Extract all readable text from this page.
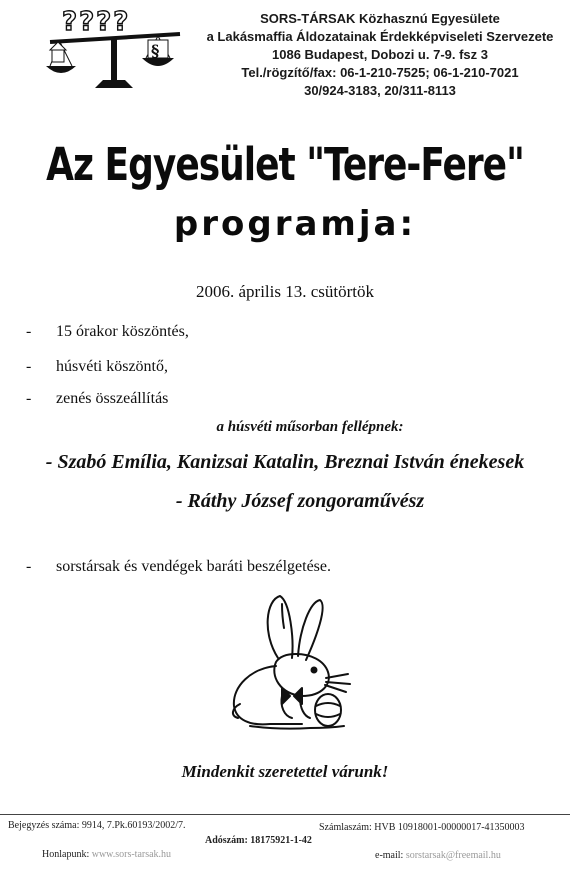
????
§
SORS-TÁRSAK Közhasznú Egyesülete
a Lakásmaffia Áldozatainak Érdekképviseleti Szervezete
1086 Budapest, Dobozi u. 7-9. fsz 3
Tel./rögzítő/fax: 06-1-210-7525; 06-1-210-7021
30/924-3183, 20/311-8113
Az Egyesület "Tere-Fere"
programja:
2006. április 13. csütörtök
- 15 órakor köszöntés,
- húsvéti köszöntő,
- zenés összeállítás
a húsvéti műsorban fellépnek:
- Szabó Emília, Kanizsai Katalin, Breznai István énekesek
- Ráthy József zongoraművész
- sorstársak és vendégek baráti beszélgetése.
Mindenkit szeretettel várunk!
Bejegyzés száma: 9914, 7.Pk.60193/2002/7.	Számlaszám: HVB 10918001-00000017-41350003
Adószám: 18175921-1-42
Honlapunk: www.sors-tarsak.hu	e-mail: sorstarsak@freemail.hu
